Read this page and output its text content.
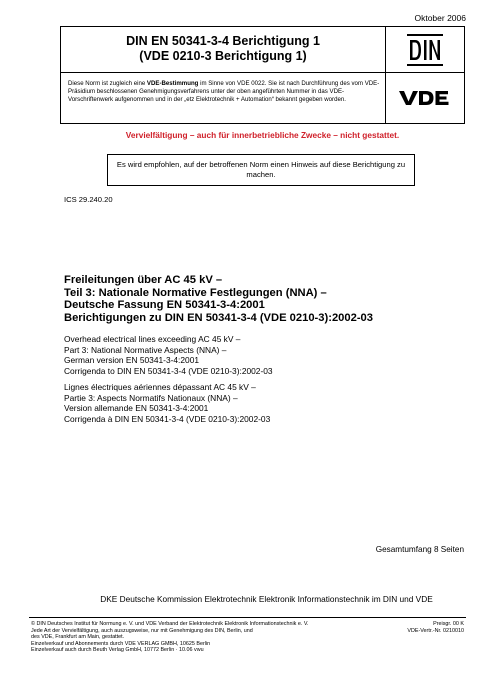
Oktober 2006
DIN EN 50341-3-4 Berichtigung 1
(VDE 0210-3 Berichtigung 1)
Diese Norm ist zugleich eine VDE-Bestimmung im Sinne von VDE 0022. Sie ist nach Durchführung des vom VDE-Präsidium beschlossenen Genehmigungsverfahrens unter der oben angeführten Nummer in das VDE-Vorschriftenwerk aufgenommen und in der „etz Elektrotechnik + Automation“ bekannt gegeben worden.
Vervielfältigung – auch für innerbetriebliche Zwecke – nicht gestattet.
Es wird empfohlen, auf der betroffenen Norm einen Hinweis auf diese Berichtigung zu machen.
ICS 29.240.20
Freileitungen über AC 45 kV –
Teil 3: Nationale Normative Festlegungen (NNA) –
Deutsche Fassung EN 50341-3-4:2001
Berichtigungen zu DIN EN 50341-3-4 (VDE 0210-3):2002-03
Overhead electrical lines exceeding AC 45 kV –
Part 3: National Normative Aspects (NNA) –
German version EN 50341-3-4:2001
Corrigenda to DIN EN 50341-3-4 (VDE 0210-3):2002-03
Lignes électriques aériennes dépassant AC 45 kV –
Partie 3: Aspects Normatifs Nationaux (NNA) –
Version allemande EN 50341-3-4:2001
Corrigenda à DIN EN 50341-3-4 (VDE 0210-3):2002-03
Gesamtumfang 8 Seiten
DKE Deutsche Kommission Elektrotechnik Elektronik Informationstechnik im DIN und VDE
© DIN Deutsches Institut für Normung e. V. und VDE Verband der Elektrotechnik Elektronik Informationstechnik e. V.
Jede Art der Vervielfältigung, auch auszugsweise, nur mit Genehmigung des DIN, Berlin, und
des VDE, Frankfurt am Main, gestattet.
Einzelverkauf und Abonnements durch VDE VERLAG GMBH, 10625 Berlin
Einzelverkauf auch durch Beuth Verlag GmbH, 10772 Berlin · 10.06 vwu
Preisgr. 00 K
VDE-Vertr.-Nr. 0210010
